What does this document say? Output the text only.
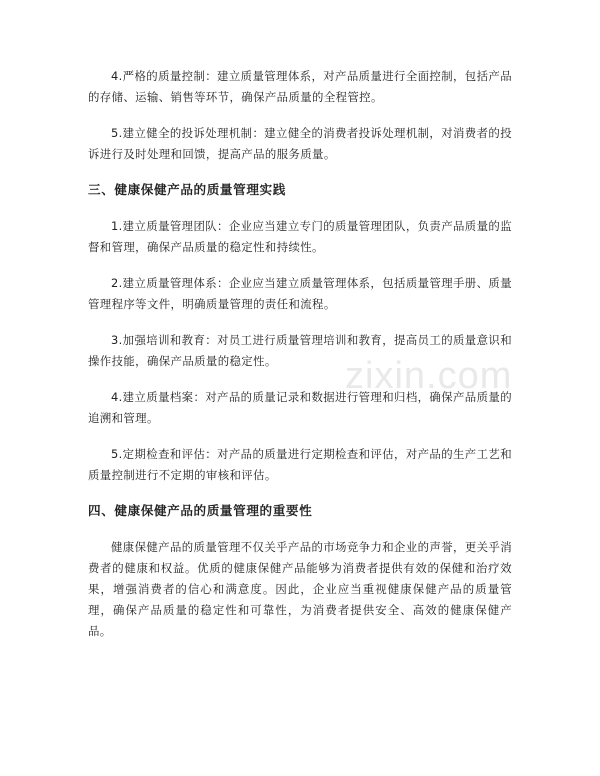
zixin.com

4.严格的质量控制：建立质量管理体系，对产品质量进行全面控制，包括产品的存储、运输、销售等环节，确保产品质量的全程管控。

5.建立健全的投诉处理机制：建立健全的消费者投诉处理机制，对消费者的投诉进行及时处理和回馈，提高产品的服务质量。

三、健康保健产品的质量管理实践

1.建立质量管理团队：企业应当建立专门的质量管理团队，负责产品质量的监督和管理，确保产品质量的稳定性和持续性。

2.建立质量管理体系：企业应当建立质量管理体系，包括质量管理手册、质量管理程序等文件，明确质量管理的责任和流程。

3.加强培训和教育：对员工进行质量管理培训和教育，提高员工的质量意识和操作技能，确保产品质量的稳定性。

4.建立质量档案：对产品的质量记录和数据进行管理和归档，确保产品质量的追溯和管理。

5.定期检查和评估：对产品的质量进行定期检查和评估，对产品的生产工艺和质量控制进行不定期的审核和评估。

四、健康保健产品的质量管理的重要性

健康保健产品的质量管理不仅关乎产品的市场竞争力和企业的声誉，更关乎消费者的健康和权益。优质的健康保健产品能够为消费者提供有效的保健和治疗效果，增强消费者的信心和满意度。因此，企业应当重视健康保健产品的质量管理，确保产品质量的稳定性和可靠性，为消费者提供安全、高效的健康保健产品。
